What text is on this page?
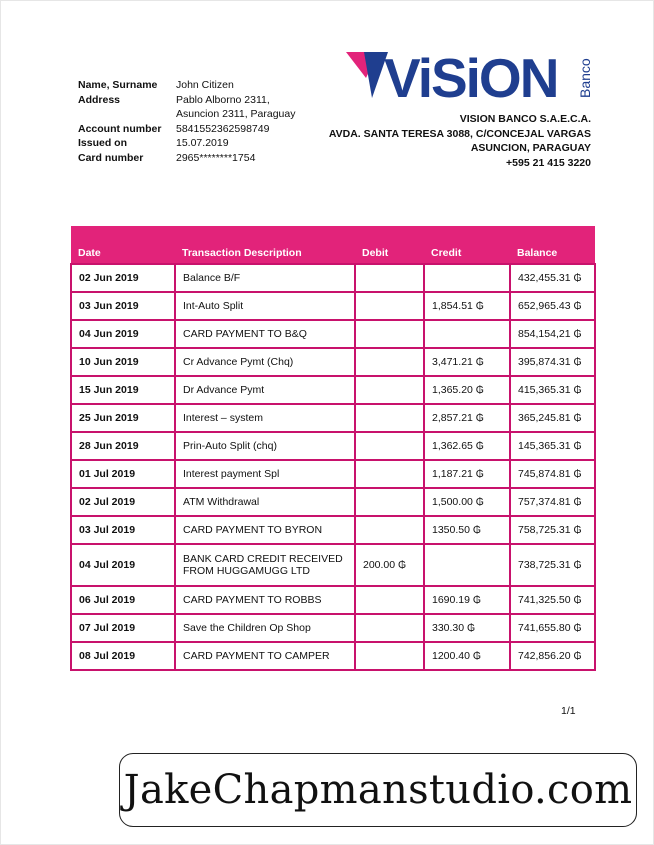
Name, Surname	John Citizen
Address	Pablo Alborno 2311,
Asuncion 2311, Paraguay
Account number	5841552362598749
Issued on	15.07.2019
Card number	2965********1754
ViSiON Banco
VISION BANCO S.A.E.C.A.
AVDA. SANTA TERESA 3088, C/CONCEJAL VARGAS
ASUNCION, PARAGUAY
+595 21 415 3220
Date	Transaction Description	Debit	Credit	Balance
02 Jun 2019	Balance B/F			432,455.31 ₲
03 Jun 2019	Int-Auto Split		1,854.51 ₲	652,965.43 ₲
04 Jun 2019	CARD PAYMENT TO B&Q			854,154,21 ₲
10 Jun 2019	Cr Advance Pymt (Chq)		3,471.21 ₲	395,874.31 ₲
15 Jun 2019	Dr Advance Pymt		1,365.20 ₲	415,365.31 ₲
25 Jun 2019	Interest – system		2,857.21 ₲	365,245.81 ₲
28 Jun 2019	Prin-Auto Split (chq)		1,362.65 ₲	145,365.31 ₲
01 Jul 2019	Interest payment Spl		1,187.21 ₲	745,874.81 ₲
02 Jul 2019	ATM Withdrawal		1,500.00 ₲	757,374.81 ₲
03 Jul 2019	CARD PAYMENT TO BYRON		1350.50 ₲	758,725.31 ₲
04 Jul 2019	BANK CARD CREDIT RECEIVED
FROM HUGGAMUGG LTD	200.00 ₲		738,725.31 ₲
06 Jul 2019	CARD PAYMENT TO ROBBS		1690.19 ₲	741,325.50 ₲
07 Jul 2019	Save the Children Op Shop		330.30 ₲	741,655.80 ₲
08 Jul 2019	CARD PAYMENT TO CAMPER		1200.40 ₲	742,856.20 ₲
1/1
JakeChapmanstudio.com
